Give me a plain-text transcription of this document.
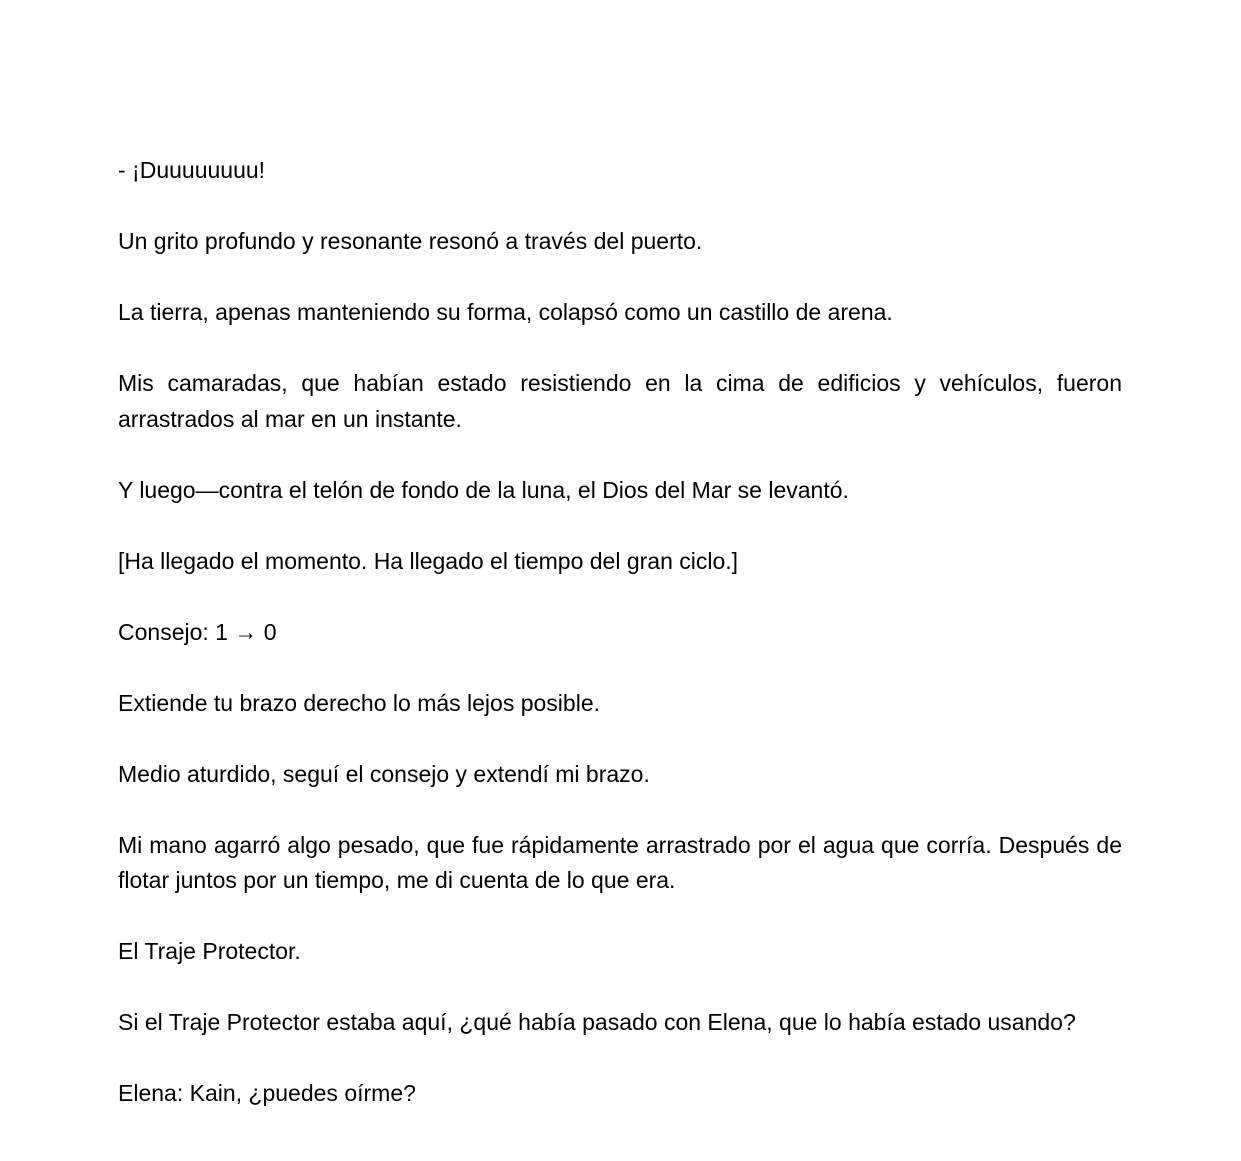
- ¡Duuuuuuuu!

Un grito profundo y resonante resonó a través del puerto.

La tierra, apenas manteniendo su forma, colapsó como un castillo de arena.

Mis camaradas, que habían estado resistiendo en la cima de edificios y vehículos, fueron arrastrados al mar en un instante.

Y luego—contra el telón de fondo de la luna, el Dios del Mar se levantó.

[Ha llegado el momento. Ha llegado el tiempo del gran ciclo.]

Consejo: 1 → 0

Extiende tu brazo derecho lo más lejos posible.

Medio aturdido, seguí el consejo y extendí mi brazo.

Mi mano agarró algo pesado, que fue rápidamente arrastrado por el agua que corría. Después de flotar juntos por un tiempo, me di cuenta de lo que era.

El Traje Protector.

Si el Traje Protector estaba aquí, ¿qué había pasado con Elena, que lo había estado usando?

Elena: Kain, ¿puedes oírme?
